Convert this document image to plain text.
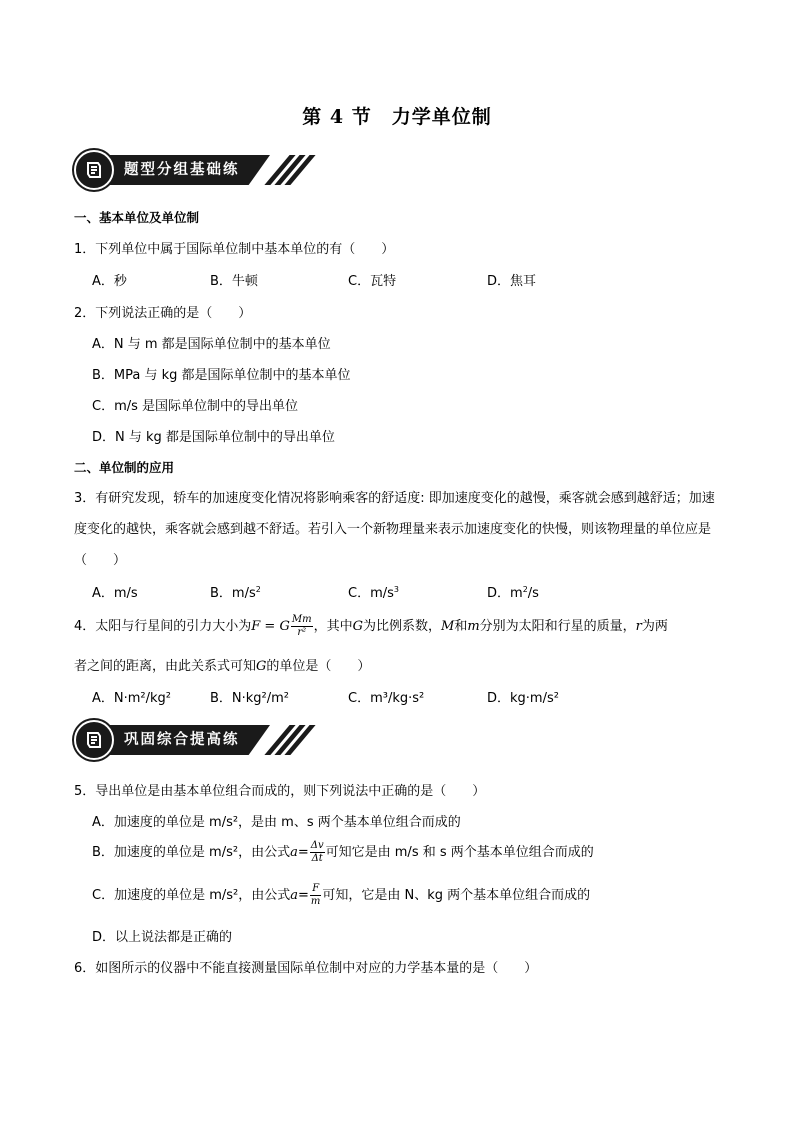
第 4 节　力学单位制
题型分组基础练
一、基本单位及单位制
1．下列单位中属于国际单位制中基本单位的有（　　）
A．秒	B．牛顿	C．瓦特	D．焦耳
2．下列说法正确的是（　　）
A．N 与 m 都是国际单位制中的基本单位
B．MPa 与 kg 都是国际单位制中的基本单位
C．m/s 是国际单位制中的导出单位
D．N 与 kg 都是国际单位制中的导出单位
二、单位制的应用
3．有研究发现，轿车的加速度变化情况将影响乘客的舒适度: 即加速度变化的越慢，乘客就会感到越舒适；加速度变化的越快，乘客就会感到越不舒适。若引入一个新物理量来表示加速度变化的快慢，则该物理量的单位应是（　　）
A．m/s	B．$m/s^2$	C．$m/s^3$	D．$m^2/s$
4．太阳与行星间的引力大小为F = G $\frac{Mm}{\text{r²}}$ ，其中G为比例系数，M和m分别为太阳和行星的质量，r为两
者之间的距离，由此关系式可知G的单位是（　　）
A．N·m²/kg²	B．N·kg²/m²	C．m³/kg·s²	D．kg·m/s²
巩固综合提高练
5．导出单位是由基本单位组合而成的，则下列说法中正确的是（　　）
A．加速度的单位是 m/s²，是由 m、s 两个基本单位组合而成的
B．加速度的单位是 m/s²，由公式$a= \frac{\Delta v}{\Delta t}$ 可知它是由 m/s 和 s 两个基本单位组合而成的
C．加速度的单位是 m/s²，由公式$a= \frac{F}{m}$ 可知，它是由 N、kg 两个基本单位组合而成的
D．以上说法都是正确的
6．如图所示的仪器中不能直接测量国际单位制中对应的力学基本量的是（　　）
